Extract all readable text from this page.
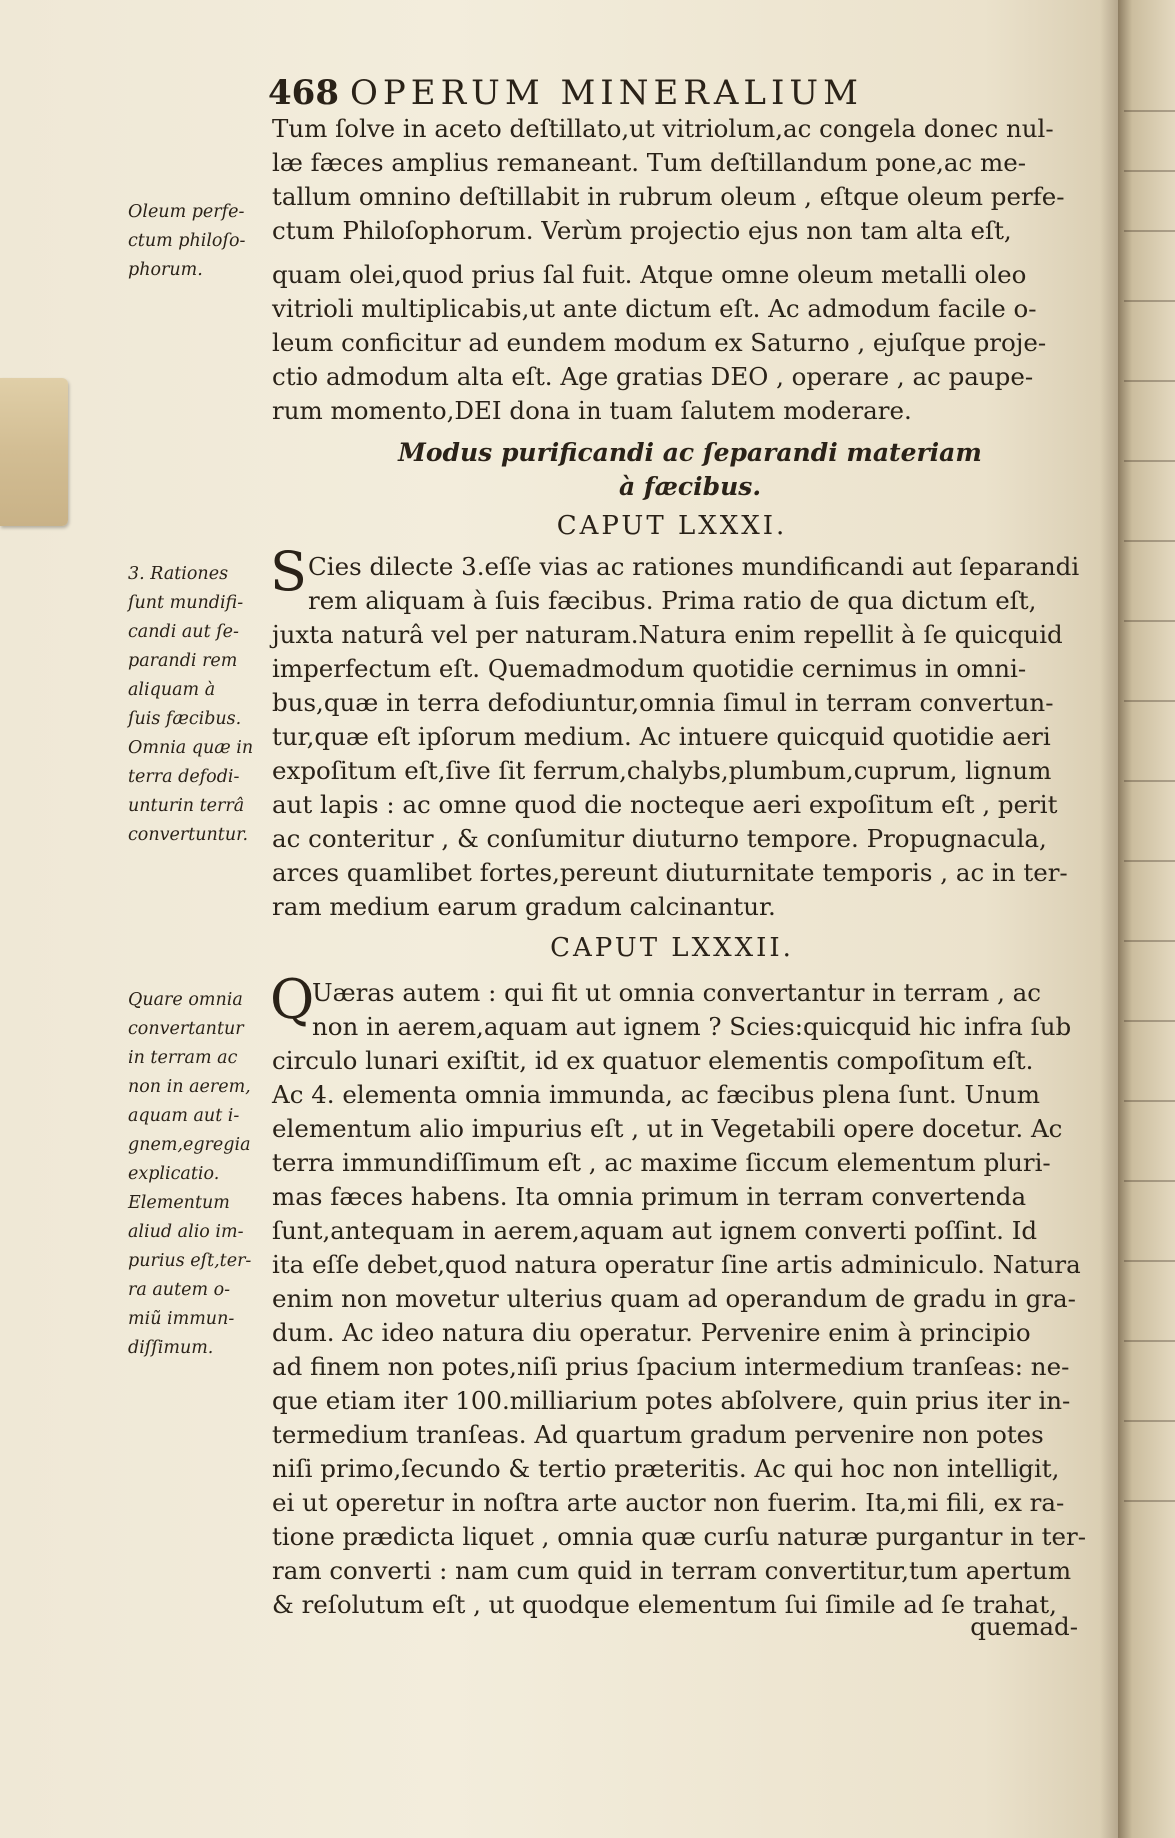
468 OPERUM MINERALIUM
Tum ſolve in aceto deſtillato,ut vitriolum,ac congela donec nul-
læ fæces amplius remaneant. Tum deſtillandum pone,ac me-
tallum omnino deſtillabit in rubrum oleum , eſtque oleum perfe-
ctum Philoſophorum. Verùm projectio ejus non tam alta eſt,
quam olei,quod prius ſal fuit. Atque omne oleum metalli oleo
vitrioli multiplicabis,ut ante dictum eſt. Ac admodum facile o-
leum conficitur ad eundem modum ex Saturno , ejuſque proje-
ctio admodum alta eſt. Age gratias DEO , operare , ac paupe-
rum momento,DEI dona in tuam ſalutem moderare.
Modus purificandi ac ſeparandi materiam
à fæcibus.
CAPUT LXXXI.
S Cies dilecte 3.eſſe vias ac rationes mundificandi aut ſeparandi
rem aliquam à ſuis fæcibus. Prima ratio de qua dictum eſt,
juxta naturâ vel per naturam.Natura enim repellit à ſe quicquid
imperfectum eſt. Quemadmodum quotidie cernimus in omni-
bus,quæ in terra defodiuntur,omnia ſimul in terram convertun-
tur,quæ eſt ipſorum medium. Ac intuere quicquid quotidie aeri
expoſitum eſt,ſive ſit ferrum,chalybs,plumbum,cuprum, lignum
aut lapis : ac omne quod die nocteque aeri expoſitum eſt , perit
ac conteritur , & conſumitur diuturno tempore. Propugnacula,
arces quamlibet fortes,pereunt diuturnitate temporis , ac in ter-
ram medium earum gradum calcinantur.
CAPUT LXXXII.
Q
Uæras autem : qui fit ut omnia convertantur in terram , ac
non in aerem,aquam aut ignem ? Scies:quicquid hic infra ſub
circulo lunari exiſtit, id ex quatuor elementis compoſitum eſt.
Ac 4. elementa omnia immunda, ac fæcibus plena ſunt. Unum
elementum alio impurius eſt , ut in Vegetabili opere docetur. Ac
terra immundiſſimum eſt , ac maxime ſiccum elementum pluri-
mas fæces habens. Ita omnia primum in terram convertenda
ſunt,antequam in aerem,aquam aut ignem converti poſſint. Id
ita eſſe debet,quod natura operatur ſine artis adminiculo. Natura
enim non movetur ulterius quam ad operandum de gradu in gra-
dum. Ac ideo natura diu operatur. Pervenire enim à principio
ad finem non potes,niſi prius ſpacium intermedium tranſeas: ne-
que etiam iter 100.milliarium potes abſolvere, quin prius iter in-
termedium tranſeas. Ad quartum gradum pervenire non potes
niſi primo,ſecundo & tertio præteritis. Ac qui hoc non intelligit,
ei ut operetur in noſtra arte auctor non fuerim. Ita,mi fili, ex ra-
tione prædicta liquet , omnia quæ curſu naturæ purgantur in ter-
ram converti : nam cum quid in terram convertitur,tum apertum
& reſolutum eſt , ut quodque elementum ſui ſimile ad ſe trahat,
quemad-
Oleum perfe-
ctum philoſo-
phorum.
3. Rationes
ſunt mundifi-
candi aut ſe-
parandi rem
aliquam à
ſuis fæcibus.
Omnia quæ in
terra defodi-
unturin terrâ
convertuntur.
Quare omnia
convertantur
in terram ac
non in aerem,
aquam aut i-
gnem,egregia
explicatio.
Elementum
aliud alio im-
purius eſt,ter-
ra autem o-
miũ immun-
diſſimum.
